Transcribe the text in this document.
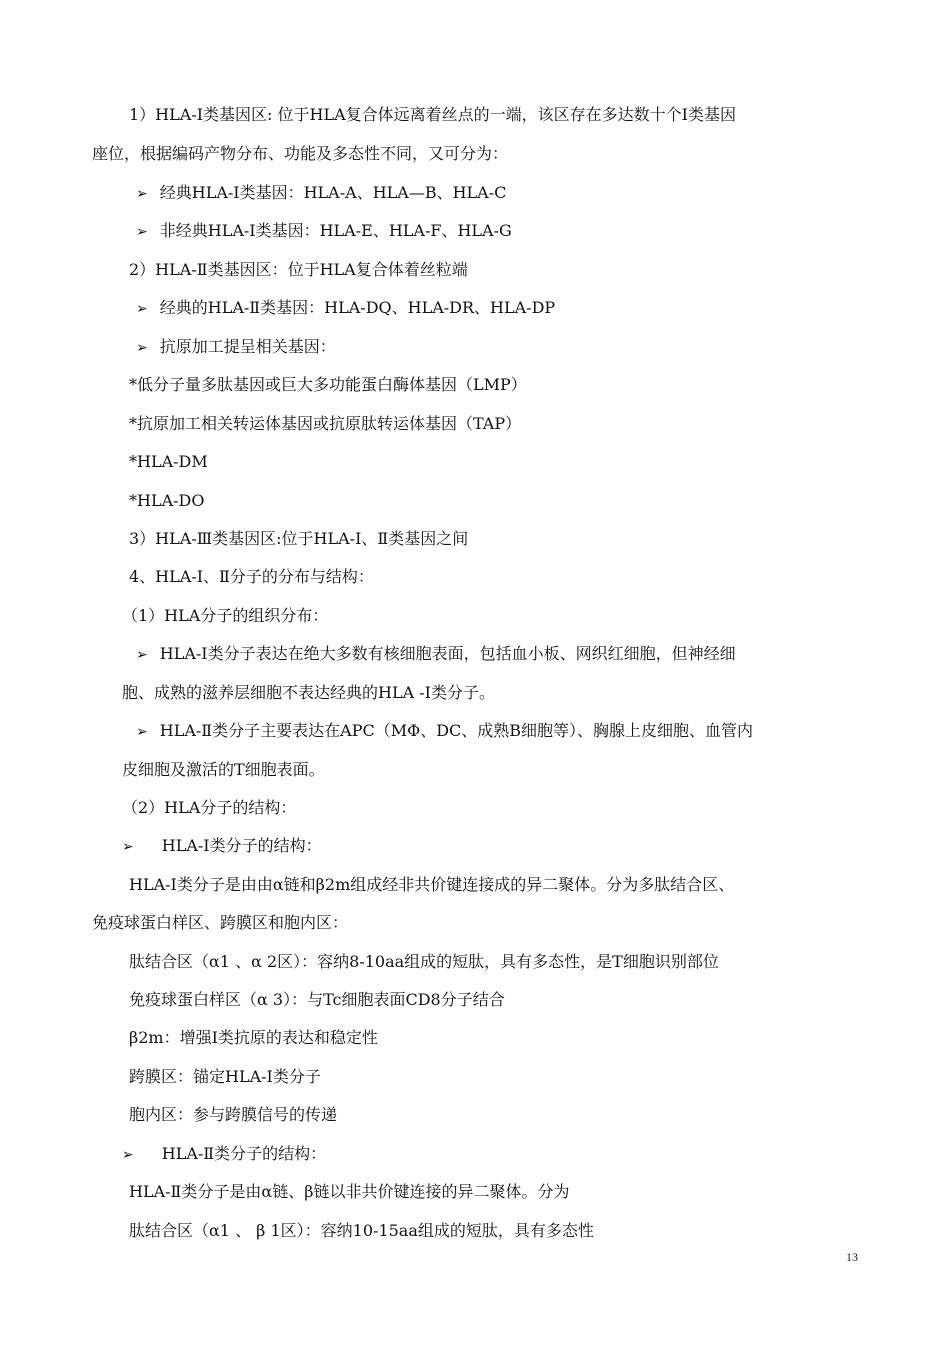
1）HLA-Ⅰ类基因区: 位于HLA复合体远离着丝点的一端，该区存在多达数十个Ⅰ类基因
座位，根据编码产物分布、功能及多态性不同，又可分为：
➢ 经典HLA-Ⅰ类基因：HLA-A、HLA—B、HLA-C
➢ 非经典HLA-Ⅰ类基因：HLA-E、HLA-F、HLA-G
2）HLA-Ⅱ类基因区：位于HLA复合体着丝粒端
➢ 经典的HLA-Ⅱ类基因：HLA-DQ、HLA-DR、HLA-DP
➢ 抗原加工提呈相关基因：
*低分子量多肽基因或巨大多功能蛋白酶体基因（LMP）
*抗原加工相关转运体基因或抗原肽转运体基因（TAP）
*HLA-DM
*HLA-DO
3）HLA-Ⅲ类基因区:位于HLA-Ⅰ、Ⅱ类基因之间
4、HLA-Ⅰ、Ⅱ分子的分布与结构：
（1）HLA分子的组织分布：
➢ HLA-Ⅰ类分子表达在绝大多数有核细胞表面，包括血小板、网织红细胞，但神经细
胞、成熟的滋养层细胞不表达经典的HLA -Ⅰ类分子。
➢ HLA-Ⅱ类分子主要表达在APC（MΦ、DC、成熟B细胞等）、胸腺上皮细胞、血管内
皮细胞及激活的T细胞表面。
（2）HLA分子的结构：
➢ HLA-Ⅰ类分子的结构：
HLA-Ⅰ类分子是由由α链和β2m组成经非共价键连接成的异二聚体。分为多肽结合区、
免疫球蛋白样区、跨膜区和胞内区：
肽结合区（α1 、α 2区）：容纳8-10aa组成的短肽，具有多态性，是T细胞识别部位
免疫球蛋白样区（α 3）：与Tc细胞表面CD8分子结合
β2m：增强Ⅰ类抗原的表达和稳定性
跨膜区：锚定HLA-Ⅰ类分子
胞内区：参与跨膜信号的传递
➢ HLA-Ⅱ类分子的结构：
HLA-Ⅱ类分子是由α链、β链以非共价键连接的异二聚体。分为
肽结合区（α1 、 β 1区）：容纳10-15aa组成的短肽，具有多态性
13
